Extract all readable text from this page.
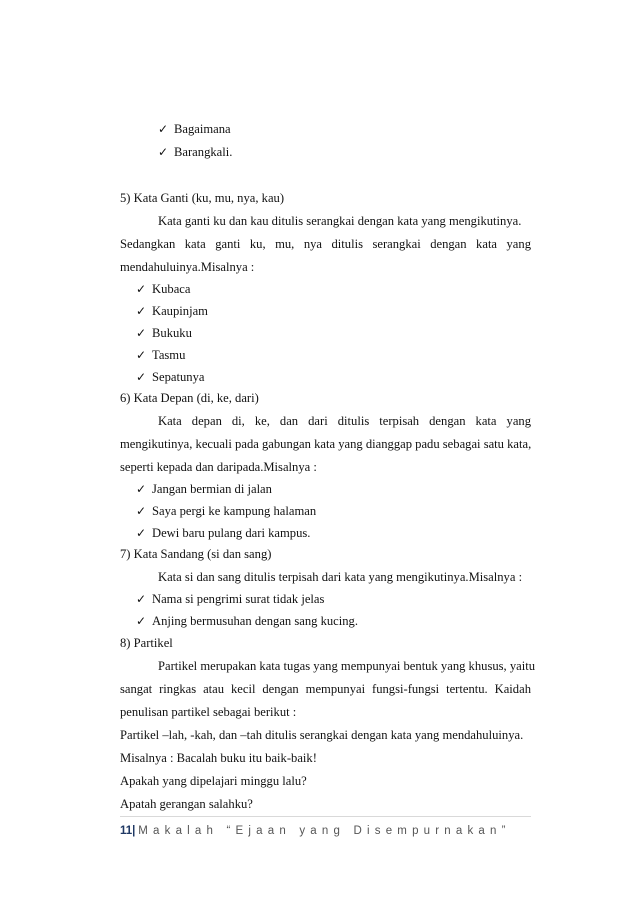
✓ Bagaimana
✓ Barangkali.
5) Kata Ganti (ku, mu, nya, kau)
Kata ganti ku dan kau ditulis serangkai dengan kata yang mengikutinya.
Sedangkan kata ganti ku, mu, nya ditulis serangkai dengan kata yang
mendahuluinya.Misalnya :
✓ Kubaca
✓ Kaupinjam
✓ Bukuku
✓ Tasmu
✓ Sepatunya
6) Kata Depan (di, ke, dari)
Kata depan di, ke, dan dari ditulis terpisah dengan kata yang
mengikutinya, kecuali pada gabungan kata yang dianggap padu sebagai satu kata,
seperti kepada dan daripada.Misalnya :
✓ Jangan bermian di jalan
✓ Saya pergi ke kampung halaman
✓ Dewi baru pulang dari kampus.
7) Kata Sandang (si dan sang)
Kata si dan sang ditulis terpisah dari kata yang mengikutinya.Misalnya :
✓ Nama si pengrimi surat tidak jelas
✓ Anjing bermusuhan dengan sang kucing.
8) Partikel
Partikel merupakan kata tugas yang mempunyai bentuk yang khusus, yaitu
sangat ringkas atau kecil dengan mempunyai fungsi-fungsi tertentu. Kaidah
penulisan partikel sebagai berikut :
Partikel –lah, -kah, dan –tah ditulis serangkai dengan kata yang mendahuluinya.
Misalnya : Bacalah buku itu baik-baik!
Apakah yang dipelajari minggu lalu?
Apatah gerangan salahku?
11| Makalah “Ejaan yang Disempurnakan”
